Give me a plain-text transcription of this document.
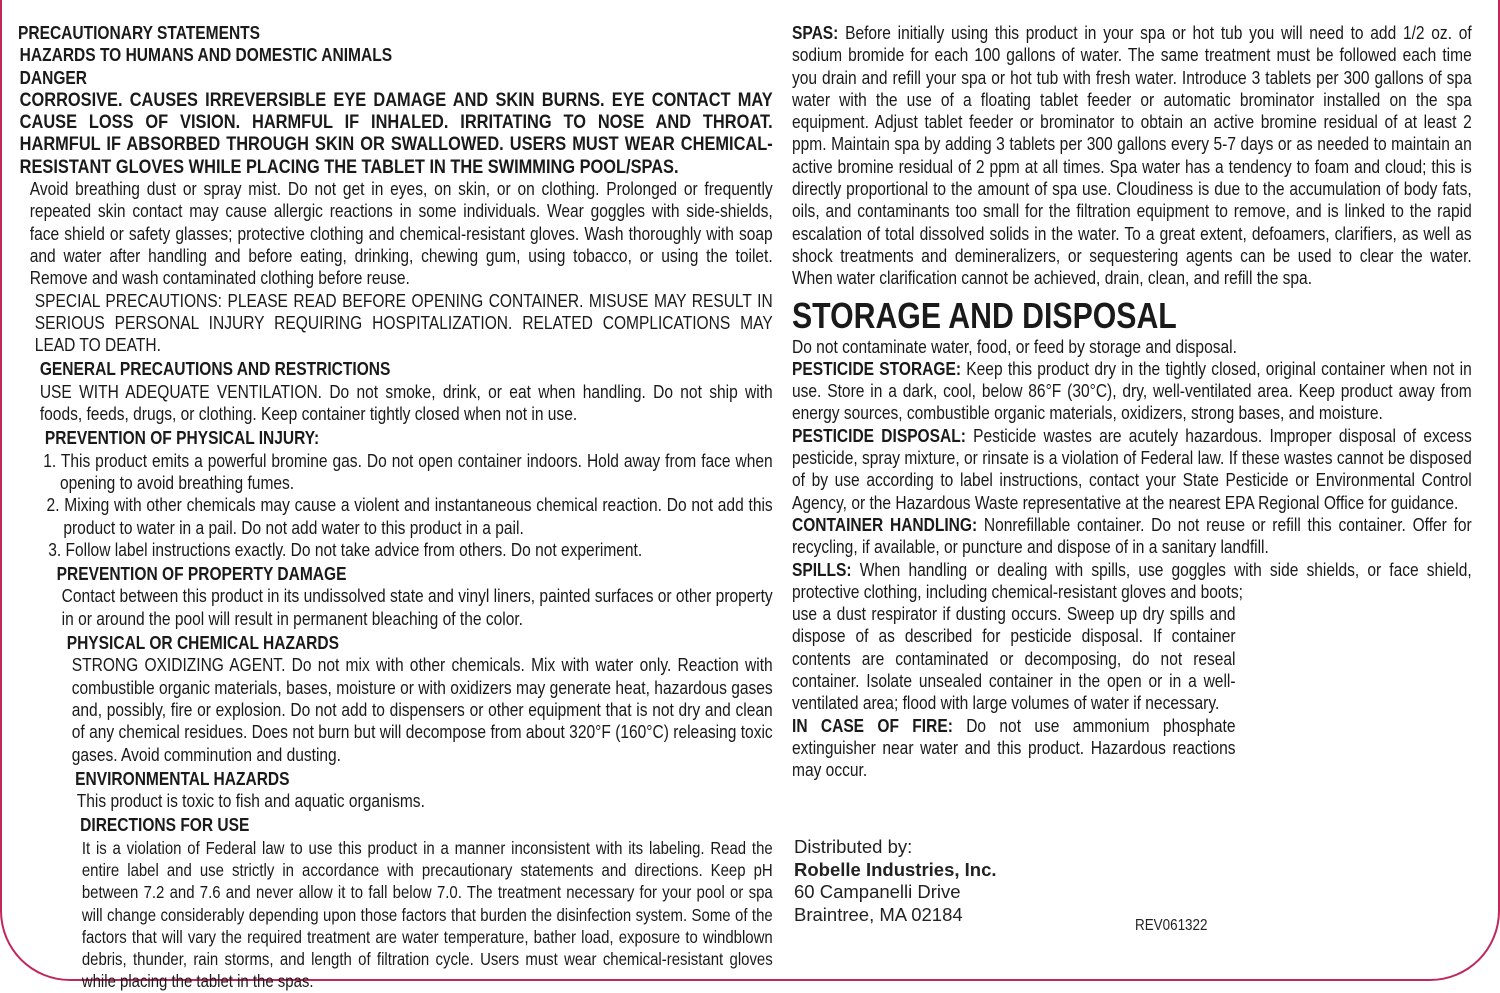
PRECAUTIONARY STATEMENTS

HAZARDS TO HUMANS AND DOMESTIC ANIMALS

DANGER

CORROSIVE. CAUSES IRREVERSIBLE EYE DAMAGE AND SKIN BURNS. EYE CONTACT MAY CAUSE LOSS OF VISION. HARMFUL IF INHALED. IRRITATING TO NOSE AND THROAT. HARMFUL IF ABSORBED THROUGH SKIN OR SWALLOWED. USERS MUST WEAR CHEMICAL-RESISTANT GLOVES WHILE PLACING THE TABLET IN THE SWIMMING POOL/SPAS.

Avoid breathing dust or spray mist. Do not get in eyes, on skin, or on clothing. Prolonged or frequently repeated skin contact may cause allergic reactions in some individuals. Wear goggles with side-shields, face shield or safety glasses; protective clothing and chemical-resistant gloves. Wash thoroughly with soap and water after handling and before eating, drinking, chewing gum, using tobacco, or using the toilet. Remove and wash contaminated clothing before reuse.

SPECIAL PRECAUTIONS: PLEASE READ BEFORE OPENING CONTAINER. MISUSE MAY RESULT IN SERIOUS PERSONAL INJURY REQUIRING HOSPITALIZATION. RELATED COMPLICATIONS MAY LEAD TO DEATH.

GENERAL PRECAUTIONS AND RESTRICTIONS

USE WITH ADEQUATE VENTILATION. Do not smoke, drink, or eat when handling. Do not ship with foods, feeds, drugs, or clothing. Keep container tightly closed when not in use.

PREVENTION OF PHYSICAL INJURY:

1. This product emits a powerful bromine gas. Do not open container indoors. Hold away from face when opening to avoid breathing fumes.

2. Mixing with other chemicals may cause a violent and instantaneous chemical reaction. Do not add this product to water in a pail. Do not add water to this product in a pail.

3. Follow label instructions exactly. Do not take advice from others. Do not experiment.

PREVENTION OF PROPERTY DAMAGE

Contact between this product in its undissolved state and vinyl liners, painted surfaces or other property in or around the pool will result in permanent bleaching of the color.

PHYSICAL OR CHEMICAL HAZARDS

STRONG OXIDIZING AGENT. Do not mix with other chemicals. Mix with water only. Reaction with combustible organic materials, bases, moisture or with oxidizers may generate heat, hazardous gases and, possibly, fire or explosion. Do not add to dispensers or other equipment that is not dry and clean of any chemical residues. Does not burn but will decompose from about 320°F (160°C) releasing toxic gases. Avoid comminution and dusting.

ENVIRONMENTAL HAZARDS

This product is toxic to fish and aquatic organisms.

DIRECTIONS FOR USE

It is a violation of Federal law to use this product in a manner inconsistent with its labeling. Read the entire label and use strictly in accordance with precautionary statements and directions. Keep pH between 7.2 and 7.6 and never allow it to fall below 7.0. The treatment necessary for your pool or spa will change considerably depending upon those factors that burden the disinfection system. Some of the factors that will vary the required treatment are water temperature, bather load, exposure to windblown debris, thunder, rain storms, and length of filtration cycle. Users must wear chemical-resistant gloves while placing the tablet in the spas.

SPAS: Before initially using this product in your spa or hot tub you will need to add 1/2 oz. of sodium bromide for each 100 gallons of water. The same treatment must be followed each time you drain and refill your spa or hot tub with fresh water. Introduce 3 tablets per 300 gallons of spa water with the use of a floating tablet feeder or automatic brominator installed on the spa equipment. Adjust tablet feeder or brominator to obtain an active bromine residual of at least 2 ppm. Maintain spa by adding 3 tablets per 300 gallons every 5-7 days or as needed to maintain an active bromine residual of 2 ppm at all times. Spa water has a tendency to foam and cloud; this is directly proportional to the amount of spa use. Cloudiness is due to the accumulation of body fats, oils, and contaminants too small for the filtration equipment to remove, and is linked to the rapid escalation of total dissolved solids in the water. To a great extent, defoamers, clarifiers, as well as shock treatments and demineralizers, or sequestering agents can be used to clear the water. When water clarification cannot be achieved, drain, clean, and refill the spa.

STORAGE AND DISPOSAL

Do not contaminate water, food, or feed by storage and disposal.

PESTICIDE STORAGE: Keep this product dry in the tightly closed, original container when not in use. Store in a dark, cool, below 86°F (30°C), dry, well-ventilated area. Keep product away from energy sources, combustible organic materials, oxidizers, strong bases, and moisture.

PESTICIDE DISPOSAL: Pesticide wastes are acutely hazardous. Improper disposal of excess pesticide, spray mixture, or rinsate is a violation of Federal law. If these wastes cannot be disposed of by use according to label instructions, contact your State Pesticide or Environmental Control Agency, or the Hazardous Waste representative at the nearest EPA Regional Office for guidance.

CONTAINER HANDLING: Nonrefillable container. Do not reuse or refill this container. Offer for recycling, if available, or puncture and dispose of in a sanitary landfill.

SPILLS: When handling or dealing with spills, use goggles with side shields, or face shield, protective clothing, including chemical-resistant gloves and boots;

use a dust respirator if dusting occurs. Sweep up dry spills and dispose of as described for pesticide disposal. If container contents are contaminated or decomposing, do not reseal container. Isolate unsealed container in the open or in a well-ventilated area; flood with large volumes of water if necessary.

IN CASE OF FIRE: Do not use ammonium phosphate extinguisher near water and this product. Hazardous reactions may occur.

Distributed by:
Robelle Industries, Inc.
60 Campanelli Drive
Braintree, MA 02184
REV061322
